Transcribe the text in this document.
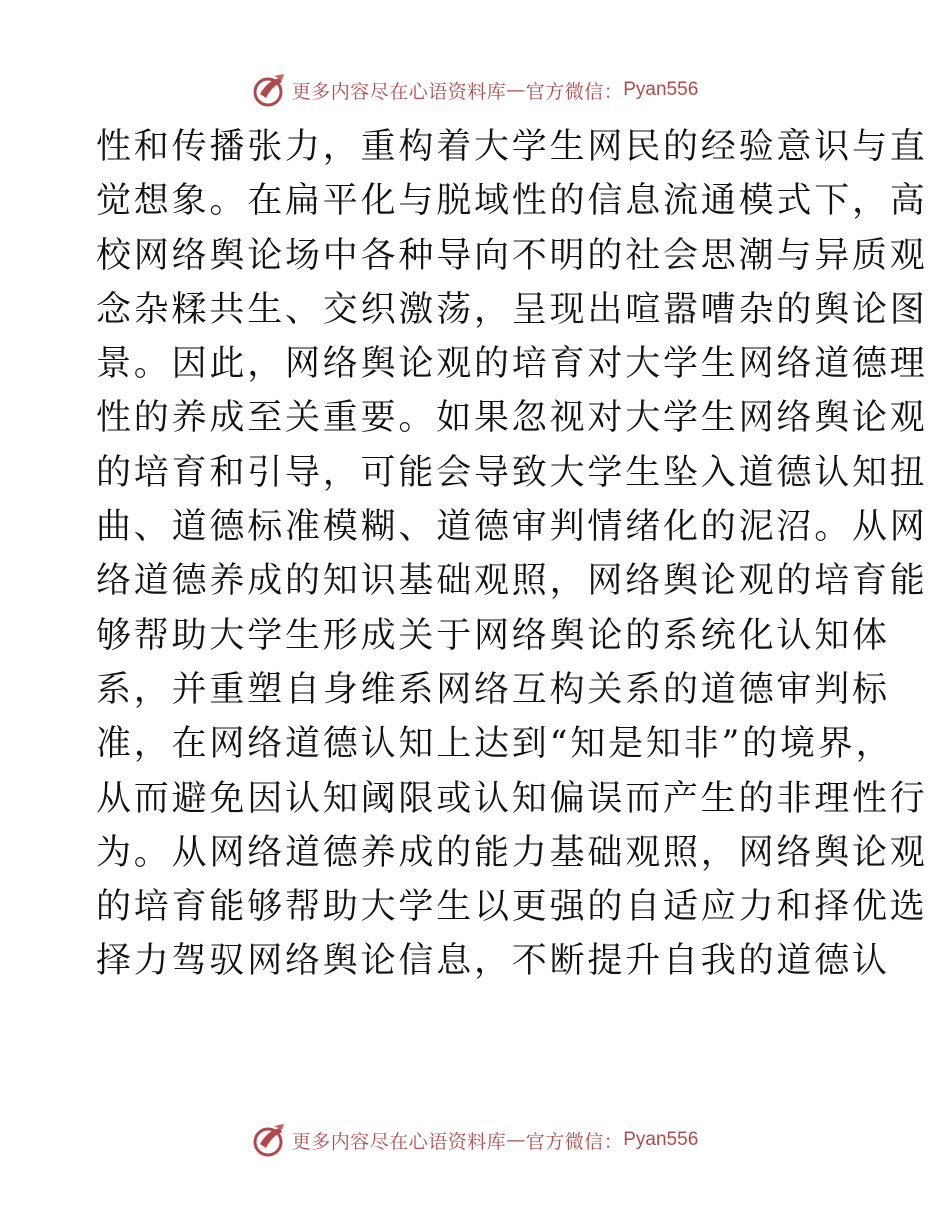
更多内容尽在心语资料库 — 官方微信： Pyan556
性和传播张力，重构着大学生网民的经验意识与直
觉想象。在扁平化与脱域性的信息流通模式下，高
校网络舆论场中各种导向不明的社会思潮与异质观
念杂糅共生、交织激荡，呈现出喧嚣嘈杂的舆论图
景。因此，网络舆论观的培育对大学生网络道德理
性的养成至关重要。如果忽视对大学生网络舆论观
的培育和引导，可能会导致大学生坠入道德认知扭
曲、道德标准模糊、道德审判情绪化的泥沼。从网
络道德养成的知识基础观照，网络舆论观的培育能
够帮助大学生形成关于网络舆论的系统化认知体
系，并重塑自身维系网络互构关系的道德审判标
准，在网络道德认知上达到“知是知非”的境界，
从而避免因认知阈限或认知偏误而产生的非理性行
为。从网络道德养成的能力基础观照，网络舆论观
的培育能够帮助大学生以更强的自适应力和择优选
择力驾驭网络舆论信息，不断提升自我的道德认
更多内容尽在心语资料库 — 官方微信： Pyan556
